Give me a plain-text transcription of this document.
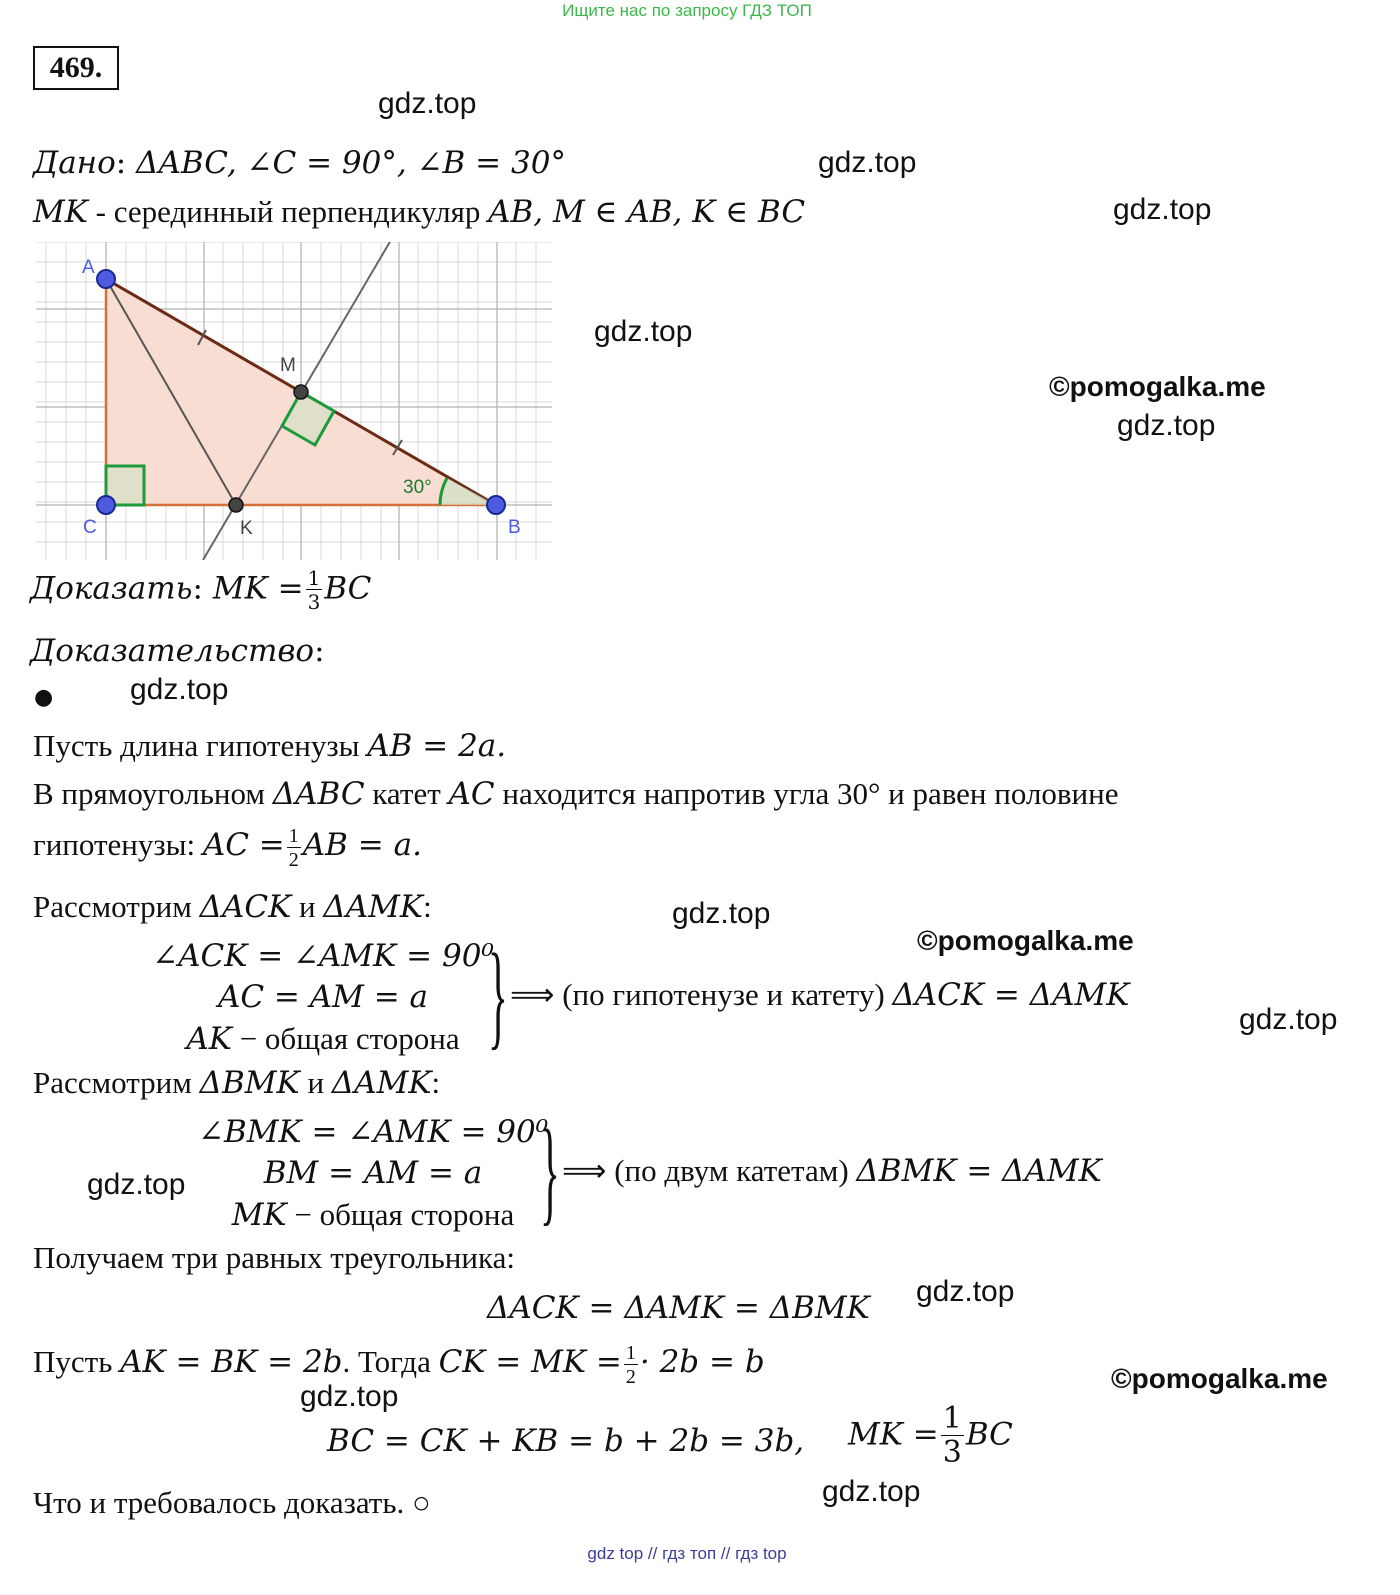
Ищите нас по запросу ГДЗ ТОП
469.
gdz.top
gdz.top
gdz.top
gdz.top
©pomogalka.me
gdz.top
gdz.top
gdz.top
©pomogalka.me
gdz.top
gdz.top
gdz.top
©pomogalka.me
gdz.top
gdz.top
Дано: ΔABC, ∠C = 90°, ∠B = 30°
MK - серединный перпендикуляр AB, M ∈ AB, K ∈ BC
30°
A
B
C	K
M
Доказать: MK = $\frac{1}{3}$ BC
Доказательство:
●
Пусть длина гипотенузы AB = 2a.
В прямоугольном ΔABC катет AC находится напротив угла 30° и равен половине
гипотенузы: AC = $\frac{1}{2}$ AB = a.
Рассмотрим ΔACK и ΔAMK:
∠ACK = ∠AMK = 90⁰
AC = AM = a
AK − общая сторона } ⟹ (по гипотенузе и катету) ΔACK = ΔAMK
Рассмотрим ΔBMK и ΔAMK:
∠BMK = ∠AMK = 90⁰
BM = AM = a
MK − общая сторона } ⟹ (по двум катетам) ΔBMK = ΔAMK
Получаем три равных треугольника:
ΔACK = ΔAMK = ΔBMK
Пусть AK = BK = 2b. Тогда CK = MK = $\frac{1}{2} \cdot 2b = b$
BC = CK + KB = b + 2b = 3b, MK = $\frac{1}{3}$ BC
Что и требовалось доказать. ○
gdz top // гдз топ // гдз top
